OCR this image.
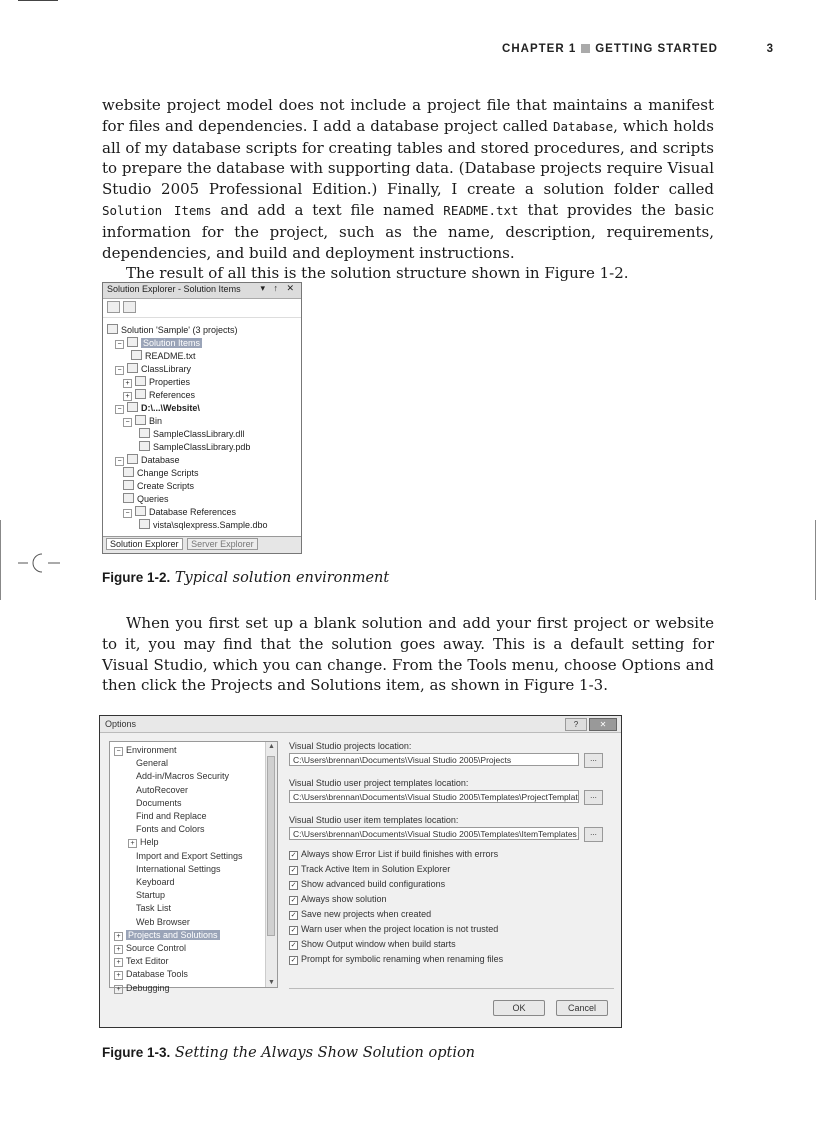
CHAPTER 1 GETTING STARTED	3

website project model does not include a project file that maintains a manifest for files and dependencies. I add a database project called Database, which holds all of my database scripts for creating tables and stored procedures, and scripts to prepare the database with supporting data. (Database projects require Visual Studio 2005 Professional Edition.) Finally, I create a solution folder called Solution Items and add a text file named README.txt that provides the basic information for the project, such as the name, description, requirements, dependencies, and build and deployment instructions.

The result of all this is the solution structure shown in Figure 1-2.

Solution Explorer - Solution Items ▾ ↑ ✕
Solution 'Sample' (3 projects)
− Solution Items
README.txt
− ClassLibrary
+ Properties
+ References
− D:\...\Website\
− Bin
SampleClassLibrary.dll
SampleClassLibrary.pdb
− Database
Change Scripts
Create Scripts
Queries
− Database References
vista\sqlexpress.Sample.dbo
Solution Explorer Server Explorer
Figure 1-2. Typical solution environment

When you first set up a blank solution and add your first project or website to it, you may find that the solution goes away. This is a default setting for Visual Studio, which you can change. From the Tools menu, choose Options and then click the Projects and Solutions item, as shown in Figure 1-3.

Options	?	✕
▲
▼
− Environment
General
Add-in/Macros Security
AutoRecover
Documents
Find and Replace
Fonts and Colors
+ Help
Import and Export Settings
International Settings
Keyboard
Startup
Task List
Web Browser
+ Projects and Solutions
+ Source Control
+ Text Editor
+ Database Tools
+ Debugging
Visual Studio projects location:
C:\Users\brennan\Documents\Visual Studio 2005\Projects	...
Visual Studio user project templates location:
C:\Users\brennan\Documents\Visual Studio 2005\Templates\ProjectTemplat	...
Visual Studio user item templates location:
C:\Users\brennan\Documents\Visual Studio 2005\Templates\ItemTemplates	...
✓ Always show Error List if build finishes with errors
✓ Track Active Item in Solution Explorer
✓ Show advanced build configurations
✓ Always show solution
✓ Save new projects when created
✓ Warn user when the project location is not trusted
✓ Show Output window when build starts
✓ Prompt for symbolic renaming when renaming files
OK	Cancel
Figure 1-3. Setting the Always Show Solution option
